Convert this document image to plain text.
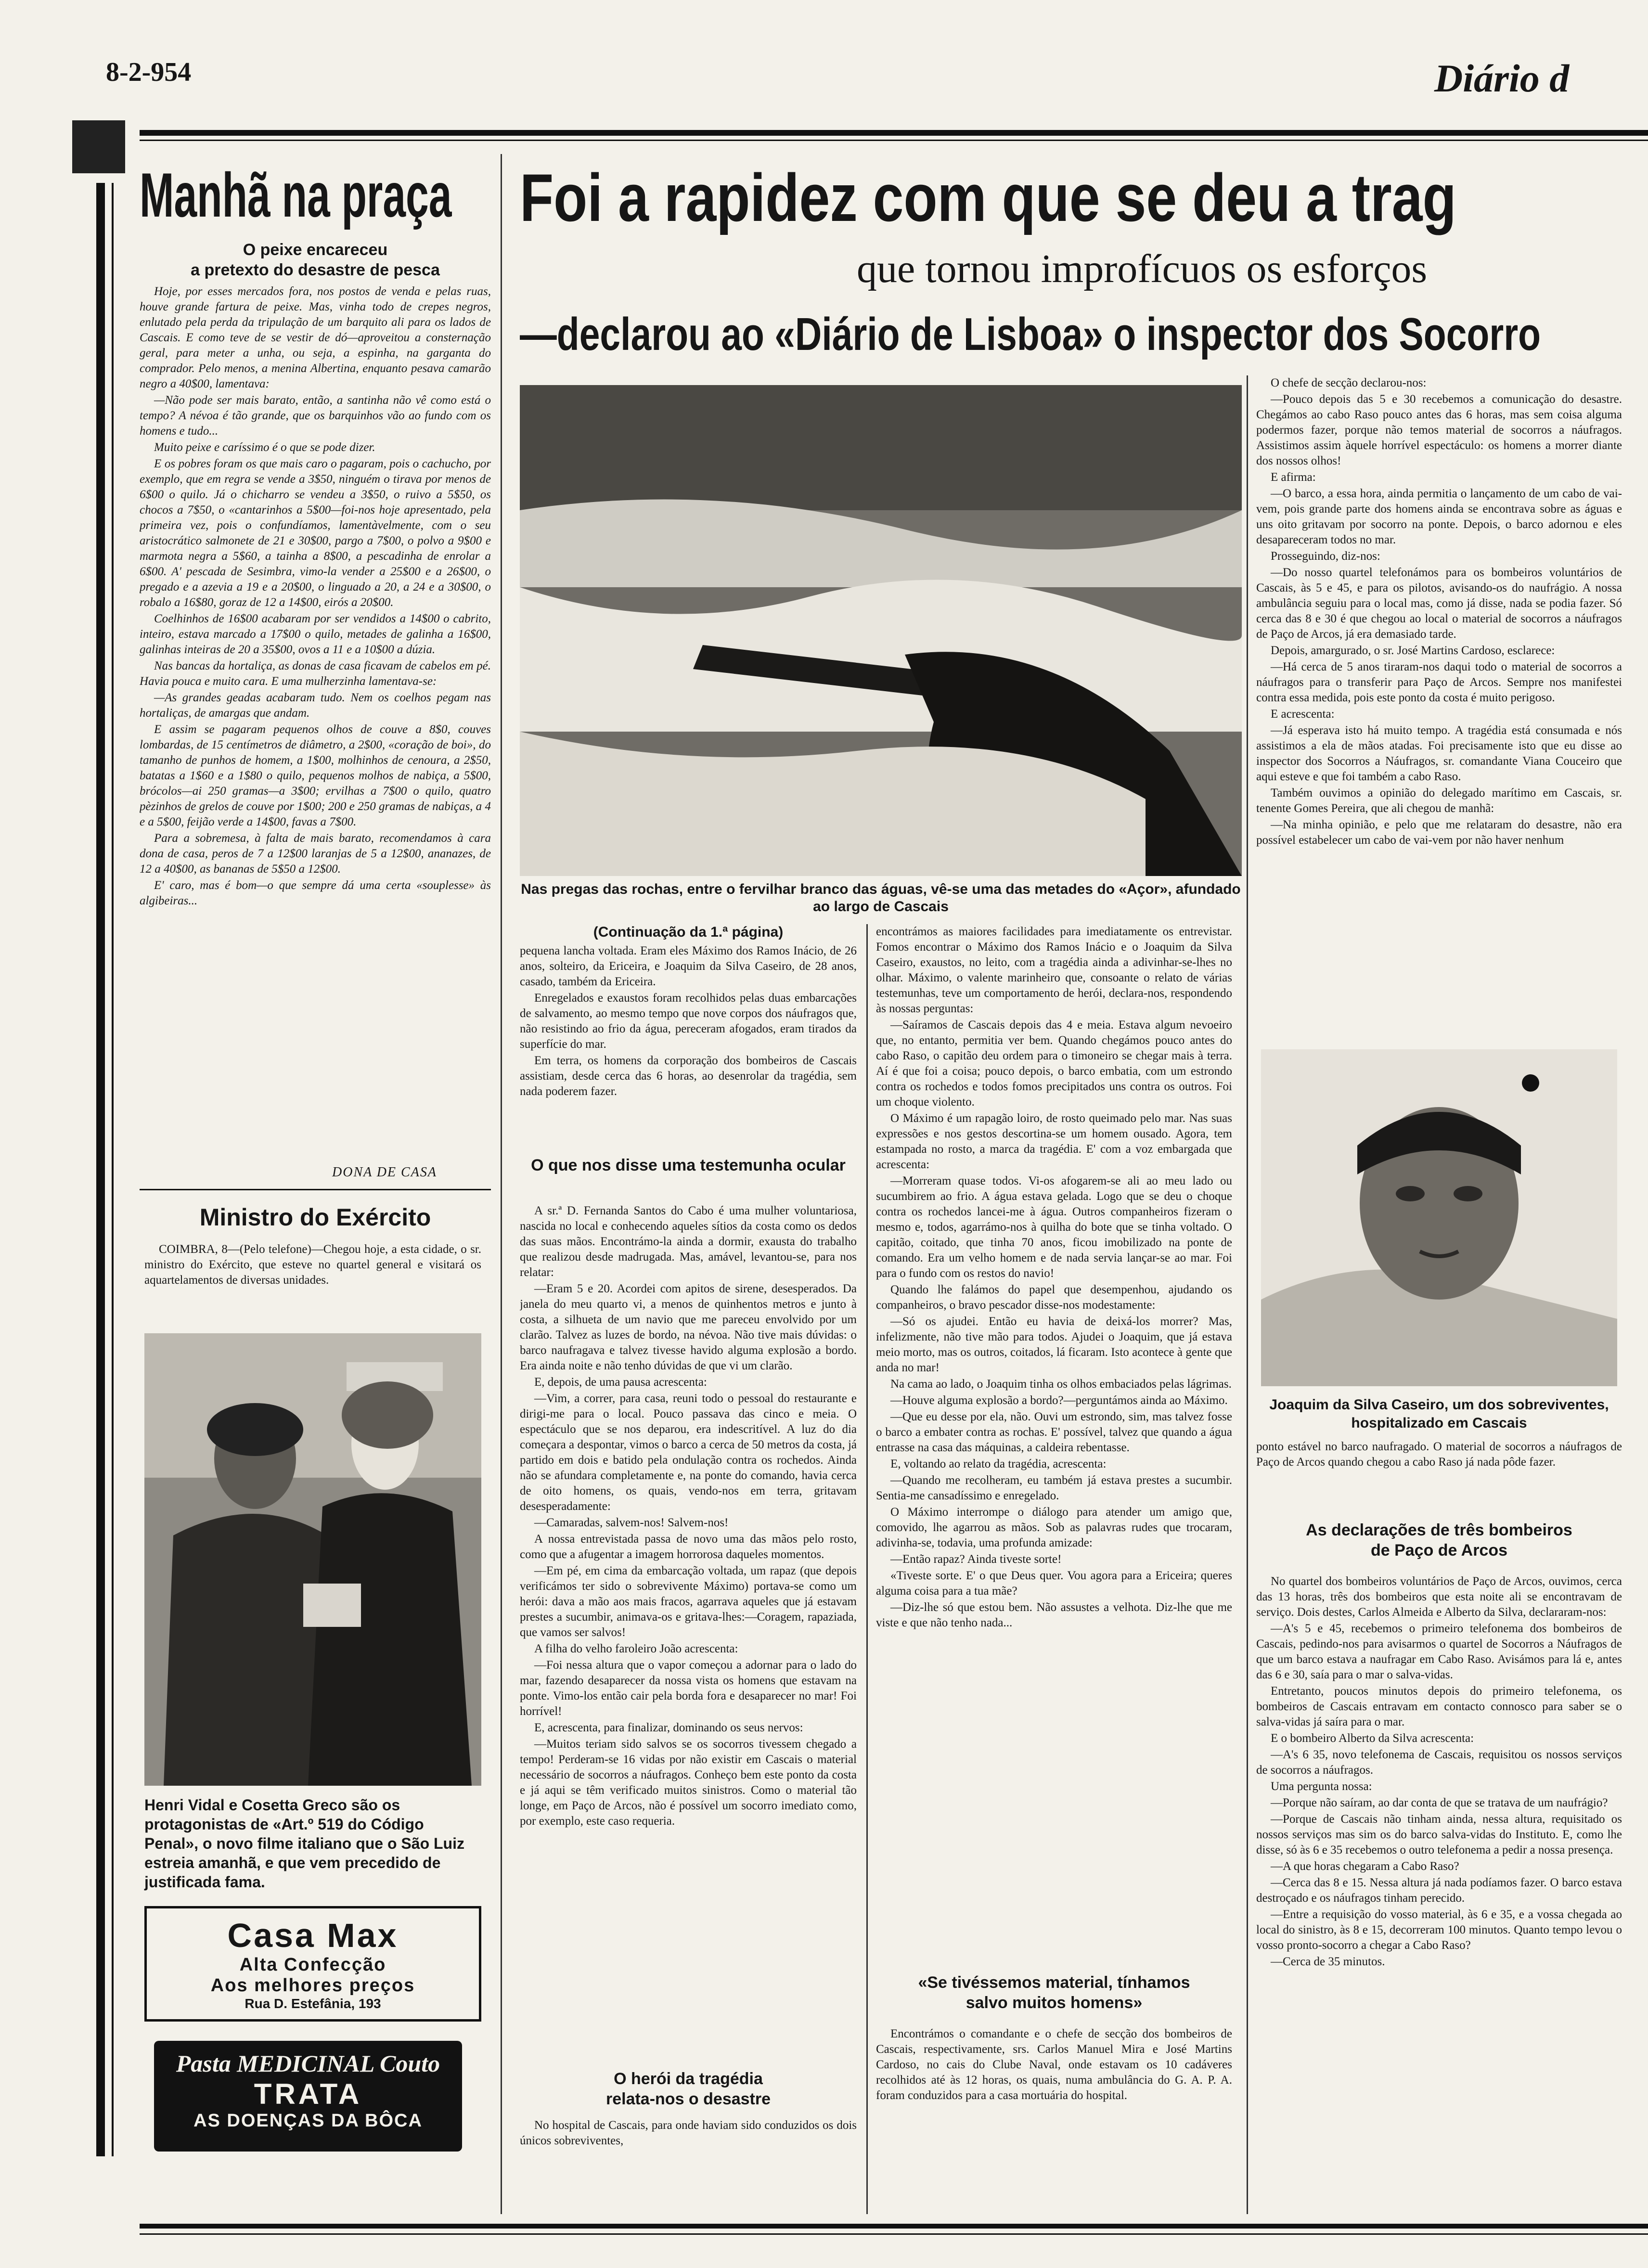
8-2-954	Diário d
Manhã na praça
O peixe encareceu
a pretexto do desastre de pesca

Hoje, por esses mercados fora, nos postos de venda e pelas ruas, houve grande fartura de peixe. Mas, vinha todo de crepes negros, enlutado pela perda da tripulação de um barquito ali para os lados de Cascais. E como teve de se vestir de dó—aproveitou a consternação geral, para meter a unha, ou seja, a espinha, na garganta do comprador. Pelo menos, a menina Albertina, enquanto pesava camarão negro a 40$00, lamentava:

—Não pode ser mais barato, então, a santinha não vê como está o tempo? A névoa é tão grande, que os barquinhos vão ao fundo com os homens e tudo...

Muito peixe e caríssimo é o que se pode dizer.

E os pobres foram os que mais caro o pagaram, pois o cachucho, por exemplo, que em regra se vende a 3$50, ninguém o tirava por menos de 6$00 o quilo. Já o chicharro se vendeu a 3$50, o ruivo a 5$50, os chocos a 7$50, o «cantarinhos a 5$00—foi-nos hoje apresentado, pela primeira vez, pois o confundíamos, lamentàvelmente, com o seu aristocrático salmonete de 21 e 30$00, pargo a 7$00, o polvo a 9$00 e marmota negra a 5$60, a tainha a 8$00, a pescadinha de enrolar a 6$00. A' pescada de Sesimbra, vimo-la vender a 25$00 e a 26$00, o pregado e a azevia a 19 e a 20$00, o linguado a 20, a 24 e a 30$00, o robalo a 16$80, goraz de 12 a 14$00, eirós a 20$00.

Coelhinhos de 16$00 acabaram por ser vendidos a 14$00 o cabrito, inteiro, estava marcado a 17$00 o quilo, metades de galinha a 16$00, galinhas inteiras de 20 a 35$00, ovos a 11 e a 10$00 a dúzia.

Nas bancas da hortaliça, as donas de casa ficavam de cabelos em pé. Havia pouca e muito cara. E uma mulherzinha lamentava-se:

—As grandes geadas acabaram tudo. Nem os coelhos pegam nas hortaliças, de amargas que andam.

E assim se pagaram pequenos olhos de couve a 8$0, couves lombardas, de 15 centímetros de diâmetro, a 2$00, «coração de boi», do tamanho de punhos de homem, a 1$00, molhinhos de cenoura, a 2$50, batatas a 1$60 e a 1$80 o quilo, pequenos molhos de nabiça, a 5$00, brócolos—ai 250 gramas—a 3$00; ervilhas a 7$00 o quilo, quatro pèzinhos de grelos de couve por 1$00; 200 e 250 gramas de nabiças, a 4 e a 5$00, feijão verde a 14$00, favas a 7$00.

Para a sobremesa, à falta de mais barato, recomendamos à cara dona de casa, peros de 7 a 12$00 laranjas de 5 a 12$00, ananazes, de 12 a 40$00, as bananas de 5$50 a 12$00.

E' caro, mas é bom—o que sempre dá uma certa «souplesse» às algibeiras...

DONA DE CASA
Ministro do Exército

COIMBRA, 8—(Pelo telefone)—Chegou hoje, a esta cidade, o sr. ministro do Exército, que esteve no quartel general e visitará os aquartelamentos de diversas unidades.

Henri Vidal e Cosetta Greco são os protagonistas de «Art.º 519 do Código Penal», o novo filme italiano que o São Luiz estreia amanhã, e que vem precedido de justificada fama.
Casa Max
Alta Confecção
Aos melhores preços
Rua D. Estefânia, 193
Pasta MEDICINAL Couto
TRATA
AS DOENÇAS DA BÔCA
Foi a rapidez com que se deu a trag
que tornou improfícuos os esforços
—declarou ao «Diário de Lisboa» o inspector dos Socorro
Nas pregas das rochas, entre o fervilhar branco das águas, vê-se uma das metades do «Açor», afundado ao largo de Cascais
(Continuação da 1.ª página)

pequena lancha voltada. Eram eles Máximo dos Ramos Inácio, de 26 anos, solteiro, da Ericeira, e Joaquim da Silva Caseiro, de 28 anos, casado, também da Ericeira.

Enregelados e exaustos foram recolhidos pelas duas embarcações de salvamento, ao mesmo tempo que nove corpos dos náufragos que, não resistindo ao frio da água, pereceram afogados, eram tirados da superfície do mar.

Em terra, os homens da corporação dos bombeiros de Cascais assistiam, desde cerca das 6 horas, ao desenrolar da tragédia, sem nada poderem fazer.

O que nos disse uma testemunha ocular

A sr.ª D. Fernanda Santos do Cabo é uma mulher voluntariosa, nascida no local e conhecendo aqueles sítios da costa como os dedos das suas mãos. Encontrámo-la ainda a dormir, exausta do trabalho que realizou desde madrugada. Mas, amável, levantou-se, para nos relatar:

—Eram 5 e 20. Acordei com apitos de sirene, desesperados. Da janela do meu quarto vi, a menos de quinhentos metros e junto à costa, a silhueta de um navio que me pareceu envolvido por um clarão. Talvez as luzes de bordo, na névoa. Não tive mais dúvidas: o barco naufragava e talvez tivesse havido alguma explosão a bordo. Era ainda noite e não tenho dúvidas de que vi um clarão.

E, depois, de uma pausa acrescenta:

—Vim, a correr, para casa, reuni todo o pessoal do restaurante e dirigi-me para o local. Pouco passava das cinco e meia. O espectáculo que se nos deparou, era indescritível. A luz do dia começara a despontar, vimos o barco a cerca de 50 metros da costa, já partido em dois e batido pela ondulação contra os rochedos. Ainda não se afundara completamente e, na ponte do comando, havia cerca de oito homens, os quais, vendo-nos em terra, gritavam desesperadamente:

—Camaradas, salvem-nos! Salvem-nos!

A nossa entrevistada passa de novo uma das mãos pelo rosto, como que a afugentar a imagem horrorosa daqueles momentos.

—Em pé, em cima da embarcação voltada, um rapaz (que depois verificámos ter sido o sobrevivente Máximo) portava-se como um herói: dava a mão aos mais fracos, agarrava aqueles que já estavam prestes a sucumbir, animava-os e gritava-lhes:—Coragem, rapaziada, que vamos ser salvos!

A filha do velho faroleiro João acrescenta:

—Foi nessa altura que o vapor começou a adornar para o lado do mar, fazendo desaparecer da nossa vista os homens que estavam na ponte. Vimo-los então cair pela borda fora e desaparecer no mar! Foi horrível!

E, acrescenta, para finalizar, dominando os seus nervos:

—Muitos teriam sido salvos se os socorros tivessem chegado a tempo! Perderam-se 16 vidas por não existir em Cascais o material necessário de socorros a náufragos. Conheço bem este ponto da costa e já aqui se têm verificado muitos sinistros. Como o material tão longe, em Paço de Arcos, não é possível um socorro imediato como, por exemplo, este caso requeria.

O herói da tragédia
relata-nos o desastre

No hospital de Cascais, para onde haviam sido conduzidos os dois únicos sobreviventes,

encontrámos as maiores facilidades para imediatamente os entrevistar. Fomos encontrar o Máximo dos Ramos Inácio e o Joaquim da Silva Caseiro, exaustos, no leito, com a tragédia ainda a adivinhar-se-lhes no olhar. Máximo, o valente marinheiro que, consoante o relato de várias testemunhas, teve um comportamento de herói, declara-nos, respondendo às nossas perguntas:

—Saíramos de Cascais depois das 4 e meia. Estava algum nevoeiro que, no entanto, permitia ver bem. Quando chegámos pouco antes do cabo Raso, o capitão deu ordem para o timoneiro se chegar mais à terra. Aí é que foi a coisa; pouco depois, o barco embatia, com um estrondo contra os rochedos e todos fomos precipitados uns contra os outros. Foi um choque violento.

O Máximo é um rapagão loiro, de rosto queimado pelo mar. Nas suas expressões e nos gestos descortina-se um homem ousado. Agora, tem estampada no rosto, a marca da tragédia. E' com a voz embargada que acrescenta:

—Morreram quase todos. Vi-os afogarem-se ali ao meu lado ou sucumbirem ao frio. A água estava gelada. Logo que se deu o choque contra os rochedos lancei-me à água. Outros companheiros fizeram o mesmo e, todos, agarrámo-nos à quilha do bote que se tinha voltado. O capitão, coitado, que tinha 70 anos, ficou imobilizado na ponte de comando. Era um velho homem e de nada servia lançar-se ao mar. Foi para o fundo com os restos do navio!

Quando lhe falámos do papel que desempenhou, ajudando os companheiros, o bravo pescador disse-nos modestamente:

—Só os ajudei. Então eu havia de deixá-los morrer? Mas, infelizmente, não tive mão para todos. Ajudei o Joaquim, que já estava meio morto, mas os outros, coitados, lá ficaram. Isto acontece à gente que anda no mar!

Na cama ao lado, o Joaquim tinha os olhos embaciados pelas lágrimas.

—Houve alguma explosão a bordo?—perguntámos ainda ao Máximo.

—Que eu desse por ela, não. Ouvi um estrondo, sim, mas talvez fosse o barco a embater contra as rochas. E' possível, talvez que quando a água entrasse na casa das máquinas, a caldeira rebentasse.

E, voltando ao relato da tragédia, acrescenta:

—Quando me recolheram, eu também já estava prestes a sucumbir. Sentia-me cansadíssimo e enregelado.

O Máximo interrompe o diálogo para atender um amigo que, comovido, lhe agarrou as mãos. Sob as palavras rudes que trocaram, adivinha-se, todavia, uma profunda amizade:

—Então rapaz? Ainda tiveste sorte!

«Tiveste sorte. E' o que Deus quer. Vou agora para a Ericeira; queres alguma coisa para a tua mãe?

—Diz-lhe só que estou bem. Não assustes a velhota. Diz-lhe que me viste e que não tenho nada...

«Se tivéssemos material, tínhamos
salvo muitos homens»

Encontrámos o comandante e o chefe de secção dos bombeiros de Cascais, respectivamente, srs. Carlos Manuel Mira e José Martins Cardoso, no cais do Clube Naval, onde estavam os 10 cadáveres recolhidos até às 12 horas, os quais, numa ambulância do G. A. P. A. foram conduzidos para a casa mortuária do hospital.

O chefe de secção declarou-nos:

—Pouco depois das 5 e 30 recebemos a comunicação do desastre. Chegámos ao cabo Raso pouco antes das 6 horas, mas sem coisa alguma podermos fazer, porque não temos material de socorros a náufragos. Assistimos assim àquele horrível espectáculo: os homens a morrer diante dos nossos olhos!

E afirma:

—O barco, a essa hora, ainda permitia o lançamento de um cabo de vai-vem, pois grande parte dos homens ainda se encontrava sobre as águas e uns oito gritavam por socorro na ponte. Depois, o barco adornou e eles desapareceram todos no mar.

Prosseguindo, diz-nos:

—Do nosso quartel telefonámos para os bombeiros voluntários de Cascais, às 5 e 45, e para os pilotos, avisando-os do naufrágio. A nossa ambulância seguiu para o local mas, como já disse, nada se podia fazer. Só cerca das 8 e 30 é que chegou ao local o material de socorros a náufragos de Paço de Arcos, já era demasiado tarde.

Depois, amargurado, o sr. José Martins Cardoso, esclarece:

—Há cerca de 5 anos tiraram-nos daqui todo o material de socorros a náufragos para o transferir para Paço de Arcos. Sempre nos manifestei contra essa medida, pois este ponto da costa é muito perigoso.

E acrescenta:

—Já esperava isto há muito tempo. A tragédia está consumada e nós assistimos a ela de mãos atadas. Foi precisamente isto que eu disse ao inspector dos Socorros a Náufragos, sr. comandante Viana Couceiro que aqui esteve e que foi também a cabo Raso.

Também ouvimos a opinião do delegado marítimo em Cascais, sr. tenente Gomes Pereira, que ali chegou de manhã:

—Na minha opinião, e pelo que me relataram do desastre, não era possível estabelecer um cabo de vai-vem por não haver nenhum

Joaquim da Silva Caseiro, um dos sobreviventes, hospitalizado em Cascais

ponto estável no barco naufragado. O material de socorros a náufragos de Paço de Arcos quando chegou a cabo Raso já nada pôde fazer.

As declarações de três bombeiros
de Paço de Arcos

No quartel dos bombeiros voluntários de Paço de Arcos, ouvimos, cerca das 13 horas, três dos bombeiros que esta noite ali se encontravam de serviço. Dois destes, Carlos Almeida e Alberto da Silva, declararam-nos:

—A's 5 e 45, recebemos o primeiro telefonema dos bombeiros de Cascais, pedindo-nos para avisarmos o quartel de Socorros a Náufragos de que um barco estava a naufragar em Cabo Raso. Avisámos para lá e, antes das 6 e 30, saía para o mar o salva-vidas.

Entretanto, poucos minutos depois do primeiro telefonema, os bombeiros de Cascais entravam em contacto connosco para saber se o salva-vidas já saíra para o mar.

E o bombeiro Alberto da Silva acrescenta:

—A's 6 35, novo telefonema de Cascais, requisitou os nossos serviços de socorros a náufragos.

Uma pergunta nossa:

—Porque não saíram, ao dar conta de que se tratava de um naufrágio?

—Porque de Cascais não tinham ainda, nessa altura, requisitado os nossos serviços mas sim os do barco salva-vidas do Instituto. E, como lhe disse, só às 6 e 35 recebemos o outro telefonema a pedir a nossa presença.

—A que horas chegaram a Cabo Raso?

—Cerca das 8 e 15. Nessa altura já nada podíamos fazer. O barco estava destroçado e os náufragos tinham perecido.

—Entre a requisição do vosso material, às 6 e 35, e a vossa chegada ao local do sinistro, às 8 e 15, decorreram 100 minutos. Quanto tempo levou o vosso pronto-socorro a chegar a Cabo Raso?

—Cerca de 35 minutos.
